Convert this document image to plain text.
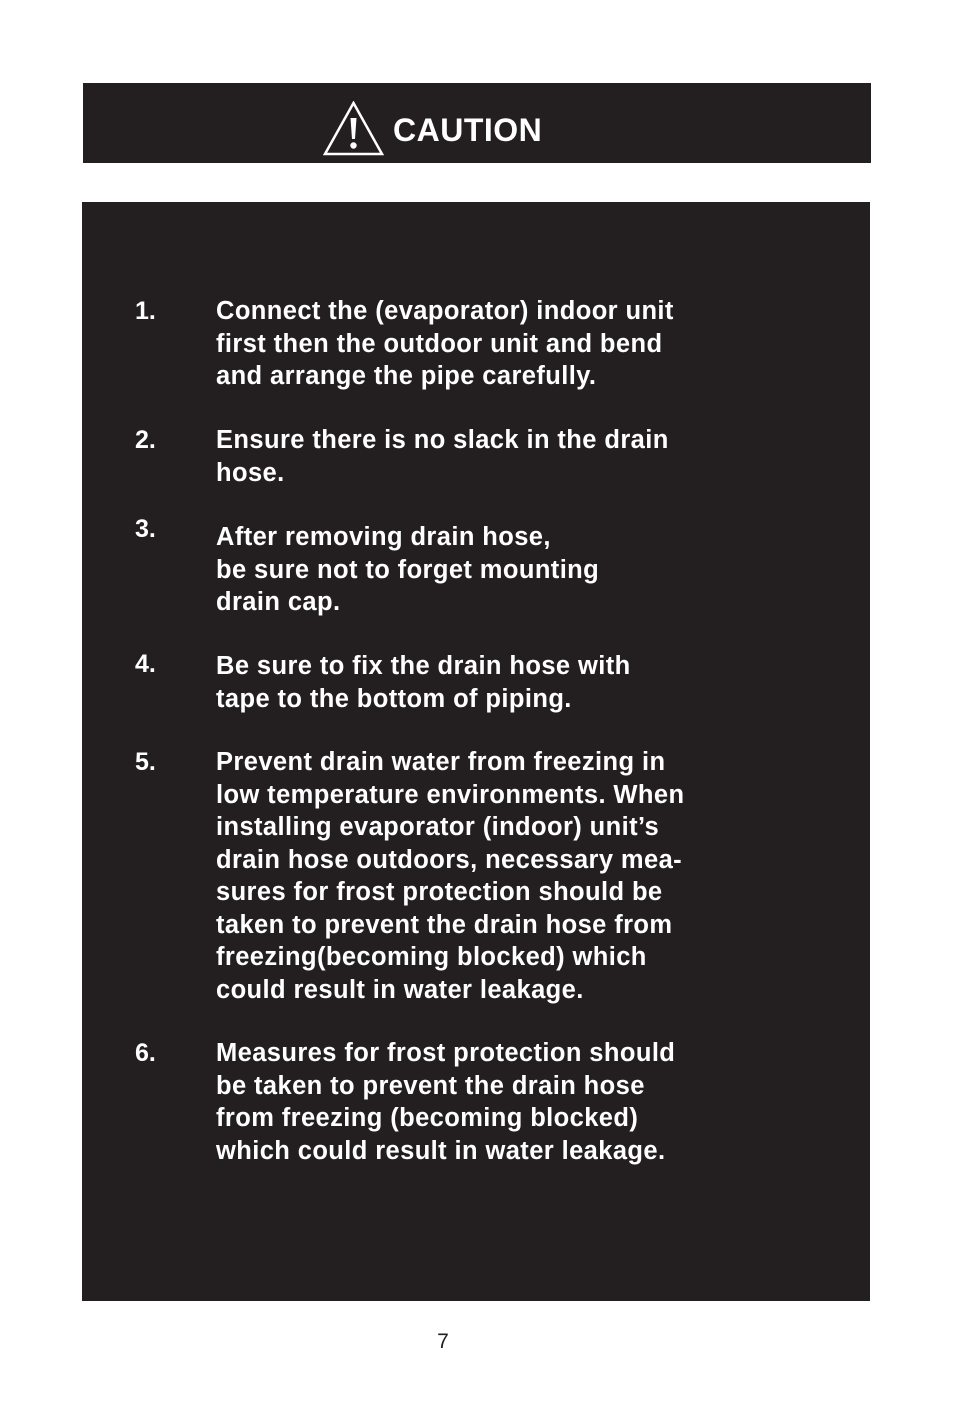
CAUTION
1. Connect the (evaporator) indoor unit
first then the outdoor unit and bend
and arrange the pipe carefully.
2. Ensure there is no slack in the drain
hose.
3. After removing drain hose,
be sure not to forget mounting
drain cap.
4. Be sure to fix the drain hose with
tape to the bottom of piping.
5. Prevent drain water from freezing in
low temperature environments. When
installing evaporator (indoor) unit’s
drain hose outdoors, necessary mea-
sures for frost protection should be
taken to prevent the drain hose from
freezing(becoming blocked) which
could result in water leakage.
6. Measures for frost protection should
be taken to prevent the drain hose
from freezing (becoming blocked)
which could result in water leakage.
7
